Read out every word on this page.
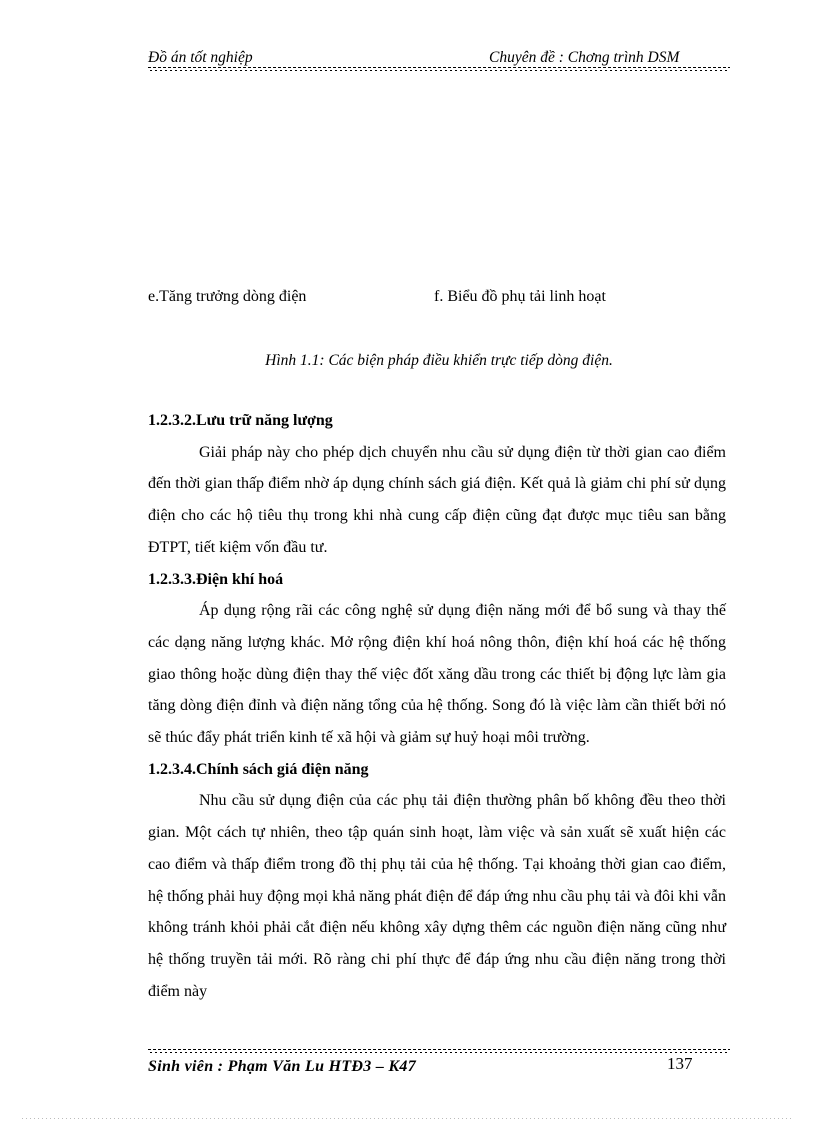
Đồ án tốt nghiệp	Chuyên đề : Chơng trình DSM
e.Tăng trưởng dòng điện	f. Biểu đồ phụ tải linh hoạt
Hình 1.1: Các biện pháp điều khiển trực tiếp dòng điện.
1.2.3.2.Lưu trữ năng lượng

Giải pháp này cho phép dịch chuyển nhu cầu sử dụng điện từ thời gian cao điểm đến thời gian thấp điểm nhờ áp dụng chính sách giá điện. Kết quả là giảm chi phí sử dụng điện cho các hộ tiêu thụ trong khi nhà cung cấp điện cũng đạt được mục tiêu san bằng ĐTPT, tiết kiệm vốn đầu tư.

1.2.3.3.Điện khí hoá

Áp dụng rộng rãi các công nghệ sử dụng điện năng mới để bổ sung và thay thế các dạng năng lượng khác. Mở rộng điện khí hoá nông thôn, điện khí hoá các hệ thống giao thông hoặc dùng điện thay thế việc đốt xăng dầu trong các thiết bị động lực làm gia tăng dòng điện đỉnh và điện năng tổng của hệ thống. Song đó là việc làm cần thiết bởi nó sẽ thúc đẩy phát triển kinh tế xã hội và giảm sự huỷ hoại môi trường.

1.2.3.4.Chính sách giá điện năng

Nhu cầu sử dụng điện của các phụ tải điện thường phân bố không đều theo thời gian. Một cách tự nhiên, theo tập quán sinh hoạt, làm việc và sản xuất sẽ xuất hiện các cao điểm và thấp điểm trong đồ thị phụ tải của hệ thống. Tại khoảng thời gian cao điểm, hệ thống phải huy động mọi khả năng phát điện để đáp ứng nhu cầu phụ tải và đôi khi vẫn không tránh khỏi phải cắt điện nếu không xây dựng thêm các nguồn điện năng cũng như hệ thống truyền tải mới. Rõ ràng chi phí thực để đáp ứng nhu cầu điện năng trong thời điểm này

Sinh viên : Phạm Văn Lu HTĐ3 – K47	137
